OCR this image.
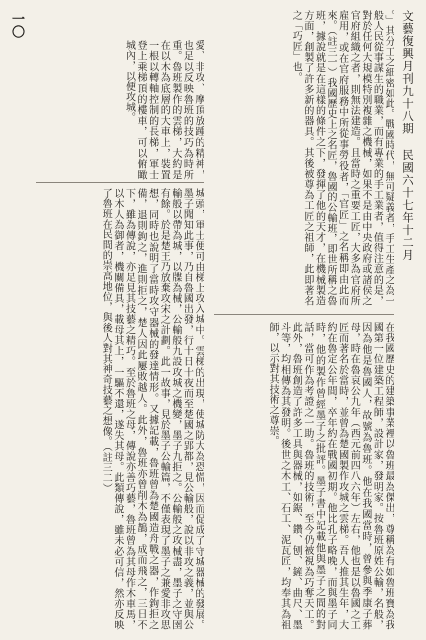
文藝復興月刊九十八期民國六十七年十二月
一〇	。」其分工之細密如此。戰國時代，無可疑義者，手工生產之為一般人民從事謀生的職業，而有專業的手工業者，值得注意的是，對於任何大規模特別複雜之機械，如果不是由中央政府或諸侯之官府組織之者，則無法建造。且當時之重要工匠，大多為官府所雇用，或在官府服務中所從事勞役者，「官匠」之名稱即由此而來。（註三一）我國歷史上之名匠，魯國的公輸班，即世所稱之魯班，據說就是在這樣的條件之下，發揮了他的天才，在機械製造方面，創製了許多新的器具。其後被尊為工匠之祖師，此即著名之「巧匠」也。
在我國歷史的建築事業裡以魯班最為傑出，尊稱為有如魯班寶為我國第一位建築工程師，設計家，發明家。按魯班原姓公輸，名般，因為他是魯國人，故號為魯班。他在我國當時，曾參與季康子葬母，時在魯哀公九年（西元前四八六年）左右，他也是以魯國之工匠而著名於當時，並曾為楚國製作攻城之雲梯。吾人推其生年，大約在魯定公年間，卒年約在戰國初期。他比孔子略晚，而與墨子同時，他的製作曾經墨子之批評。墨子書中記載他與墨子之間的對話，當可作為考證之一助。魯班的技術，至今仍被視為巧奪天工。此外，魯班創造了許多工具與器械，如鋸、鑽、刨、鏟、曲尺、墨斗等，均相傳為其發明。後世之木工、石工、泥瓦匠，均奉其為祖師，以示對其技術之尊崇。
愛、非攻、摩頂放踵的精神，也足以反映魯班的技巧為時所重。魯班製作的雲梯，大約是在以木為底層的大車上，裝置一根以轉軸控制的長梯，軍士登上乘梯頂的樓車，可以俯瞰城內，以便攻城。
城頭，軍士便可由梯上攻入城中。雲梯的出現，使城防大為恐慌，因而促成了守城器械的發展。墨子聞知此事，乃自魯國出發，行十日十夜而至楚國之郢都，見公輸般，說以非攻之義，並與公輸般以帶為城，以牒為械，公輸般九設攻城之機變，墨子九拒之。公輸般之攻械盡，墨子之守圉有餘。於是楚王乃放棄攻宋之計劃。此一故事，見於墨子公輸篇，不僅表現了墨子之兼愛非攻思想，同時也說明了當時攻守器械的發達情形。又據記載，魯班曾為楚國造舟戰之器，作鉤拒之備，退則鉤之，進則拒之，楚人因此屢敗越人。此外，魯班亦曾削木為鵲，成而飛之，三日不下，雖為傳說，亦足見其技藝之精巧。至於魯班之母，傳說亦善巧藝，魯班曾為其母作木車馬，以木人為御者，機關備具，載母其上，一驅不還，遂失其母。此類傳說，雖未必可信，然亦反映了魯班在民間的崇高地位，與後人對其神奇技藝之想像。（註三二）
